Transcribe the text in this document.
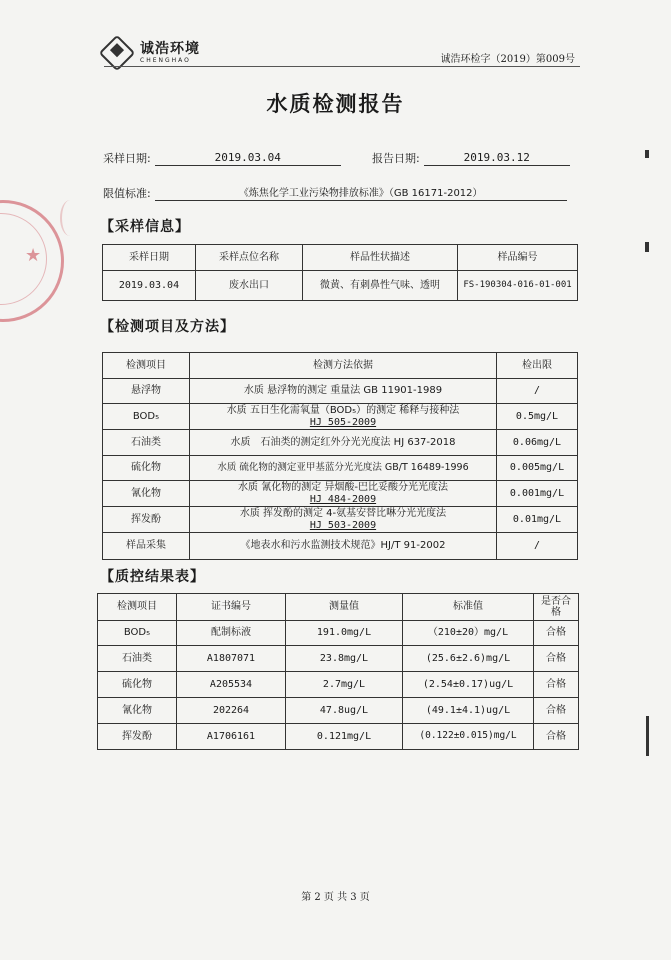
★
诚浩环境
CHENGHAO	诚浩环检字（2019）第009号
水质检测报告
采样日期:	2019.03.04	报告日期:	2019.03.12
限值标准:	《炼焦化学工业污染物排放标准》（GB 16171-2012）
【采样信息】
采样日期	采样点位名称	样品性状描述	样品编号
2019.03.04	废水出口	微黄、有刺鼻性气味、透明	FS-190304-016-01-001
【检测项目及方法】
检测项目	检测方法依据	检出限
悬浮物	水质 悬浮物的测定 重量法 GB 11901-1989	/
BOD₅	水质 五日生化需氧量（BOD₅）的测定 稀释与接种法
HJ 505-2009	0.5mg/L
石油类	水质　石油类的测定红外分光光度法 HJ 637-2018	0.06mg/L
硫化物	水质 硫化物的测定亚甲基蓝分光光度法 GB/T 16489-1996	0.005mg/L
氰化物	水质 氰化物的测定 异烟酸-巴比妥酸分光光度法
HJ 484-2009	0.001mg/L
挥发酚	水质 挥发酚的测定 4-氨基安替比啉分光光度法
HJ 503-2009	0.01mg/L
样品采集	《地表水和污水监测技术规范》HJ/T 91-2002	/
【质控结果表】
检测项目	证书编号	测量值	标准值	是否合格
BOD₅	配制标液	191.0mg/L	（210±20）mg/L	合格
石油类	A1807071	23.8mg/L	(25.6±2.6)mg/L	合格
硫化物	A205534	2.7mg/L	(2.54±0.17)ug/L	合格
氰化物	202264	47.8ug/L	(49.1±4.1)ug/L	合格
挥发酚	A1706161	0.121mg/L	(0.122±0.015)mg/L	合格
第 2 页 共 3 页
